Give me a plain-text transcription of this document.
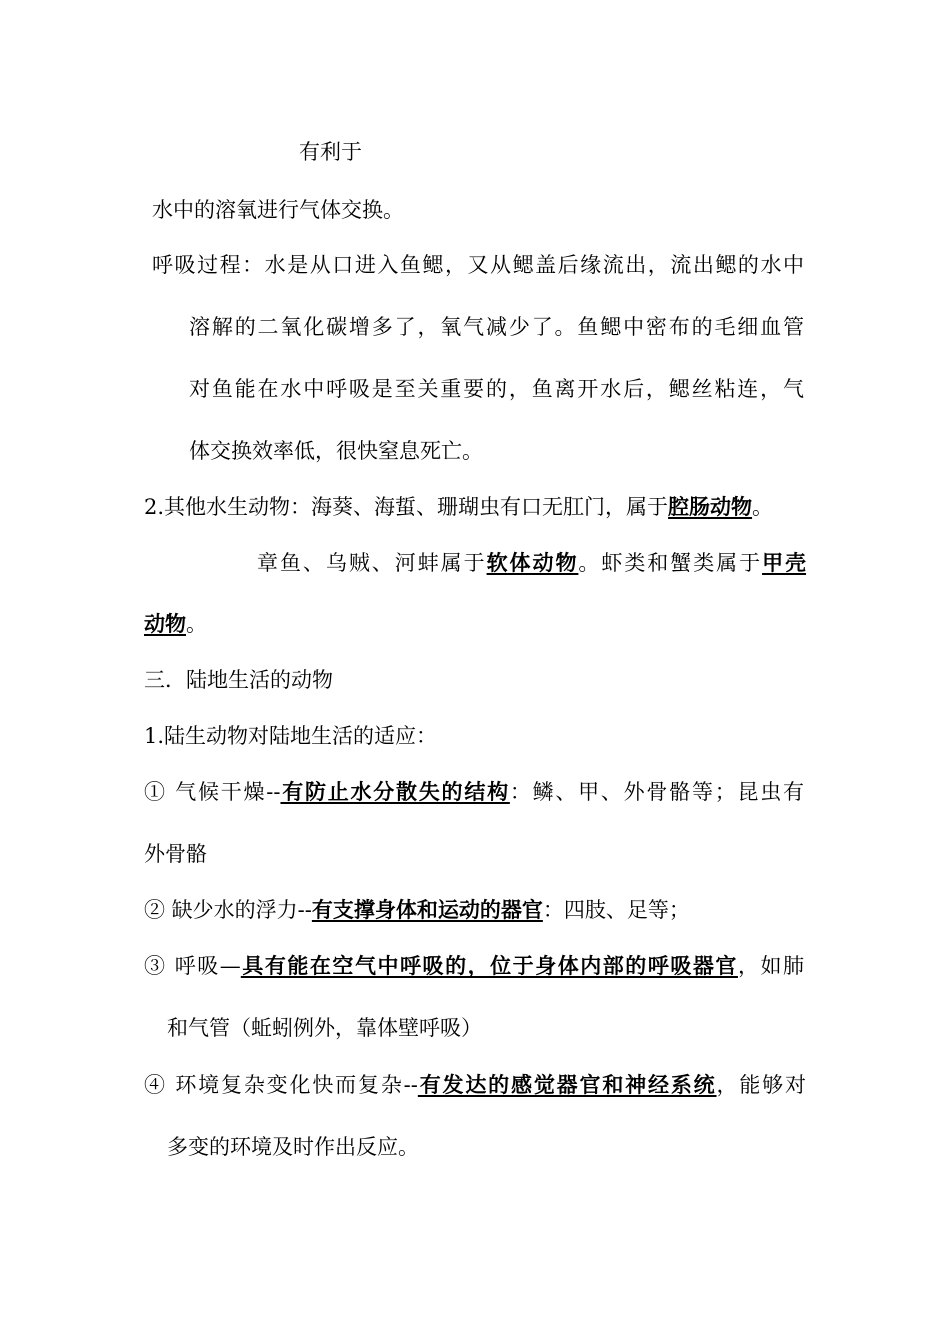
有利于
水中的溶氧进行气体交换。
呼吸过程：水是从口进入鱼鳃，又从鳃盖后缘流出，流出鳃的水中
溶解的二氧化碳增多了，氧气减少了。鱼鳃中密布的毛细血管
对鱼能在水中呼吸是至关重要的，鱼离开水后，鳃丝粘连，气
体交换效率低，很快窒息死亡。
2.其他水生动物：海葵、海蜇、珊瑚虫有口无肛门，属于腔肠动物。
章鱼、乌贼、河蚌属于软体动物。虾类和蟹类属于甲壳
动物。
三．陆地生活的动物
1.陆生动物对陆地生活的适应：
① 气候干燥--有防止水分散失的结构：鳞、甲、外骨骼等；昆虫有
外骨骼
② 缺少水的浮力--有支撑身体和运动的器官：四肢、足等；
③ 呼吸—具有能在空气中呼吸的，位于身体内部的呼吸器官，如肺
和气管（蚯蚓例外，靠体壁呼吸）
④ 环境复杂变化快而复杂--有发达的感觉器官和神经系统，能够对
多变的环境及时作出反应。
